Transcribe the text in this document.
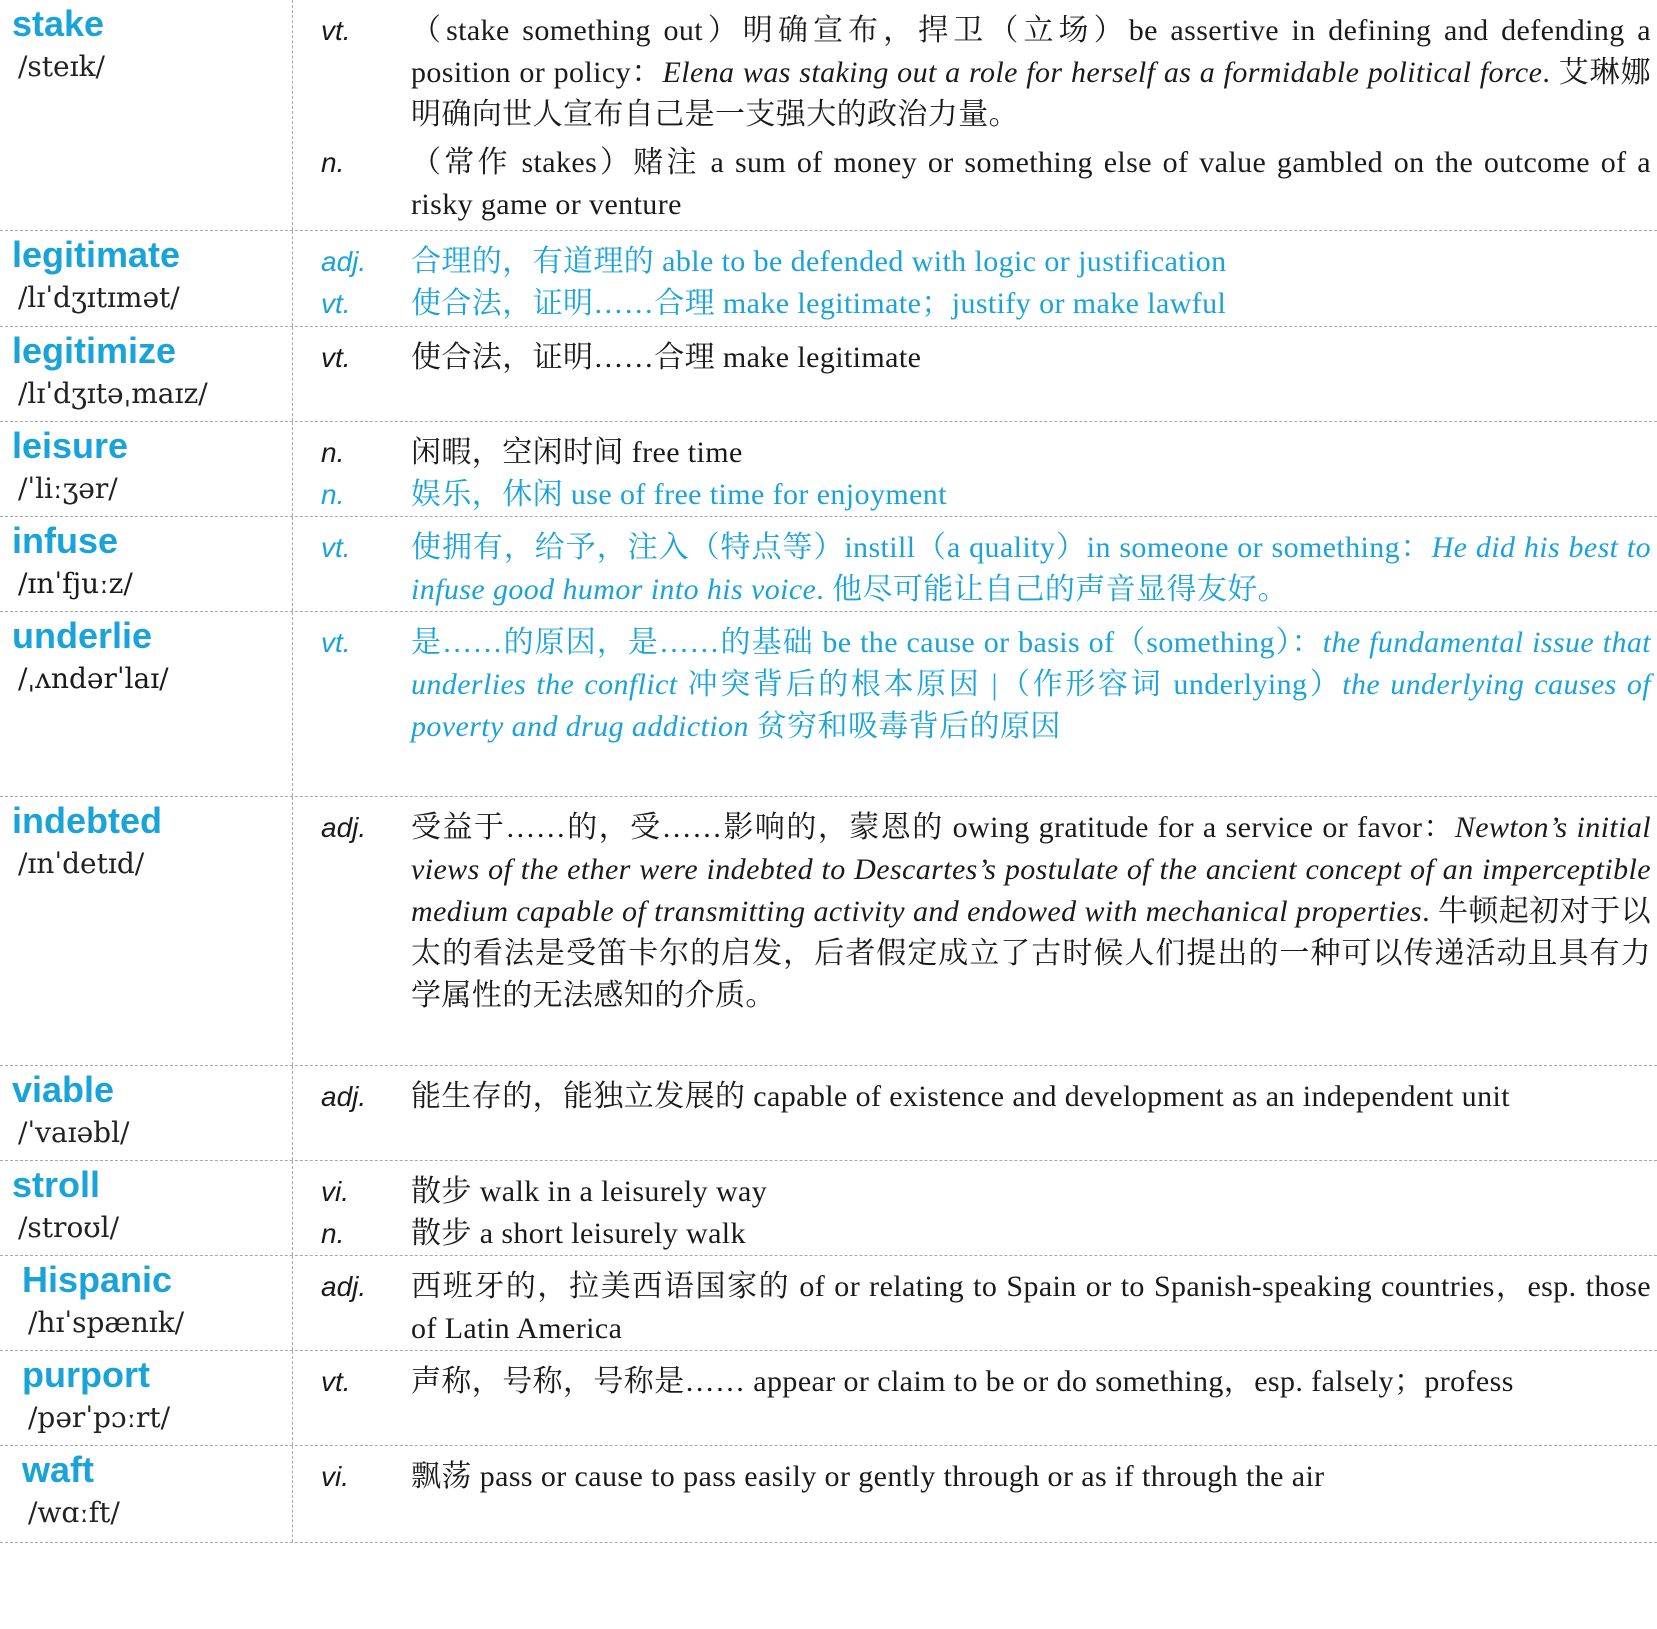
stake
/steɪk/
vt.	（stake something out）明确宣布，捍卫（立场）be assertive in defining and defending a position or policy：Elena was staking out a role for herself as a formidable political force. 艾琳娜明确向世人宣布自己是一支强大的政治力量。
n.	（常作 stakes）赌注 a sum of money or something else of value gambled on the outcome of a risky game or venture
legitimate
/lɪˈdʒɪtɪmət/
adj.	合理的，有道理的 able to be defended with logic or justification
vt.	使合法，证明……合理 make legitimate；justify or make lawful
legitimize
/lɪˈdʒɪtəˌmaɪz/
vt.	使合法，证明……合理 make legitimate
leisure
/ˈliːʒər/
n.	闲暇，空闲时间 free time
n.	娱乐，休闲 use of free time for enjoyment
infuse
/ɪnˈfjuːz/
vt.	使拥有，给予，注入（特点等）instill（a quality）in someone or something：He did his best to infuse good humor into his voice. 他尽可能让自己的声音显得友好。
underlie
/ˌʌndərˈlaɪ/
vt.	是……的原因，是……的基础 be the cause or basis of（something）：the fundamental issue that underlies the conflict 冲突背后的根本原因 |（作形容词 underlying）the underlying causes of poverty and drug addiction 贫穷和吸毒背后的原因
indebted
/ɪnˈdetɪd/
adj.	受益于……的，受……影响的，蒙恩的 owing gratitude for a service or favor：Newton’s initial views of the ether were indebted to Descartes’s postulate of the ancient concept of an imperceptible medium capable of transmitting activity and endowed with mechanical properties. 牛顿起初对于以太的看法是受笛卡尔的启发，后者假定成立了古时候人们提出的一种可以传递活动且具有力学属性的无法感知的介质。
viable
/ˈvaɪəbl/
adj.	能生存的，能独立发展的 capable of existence and development as an independent unit
stroll
/stroʊl/
vi.	散步 walk in a leisurely way
n.	散步 a short leisurely walk
Hispanic
/hɪˈspænɪk/
adj.	西班牙的，拉美西语国家的 of or relating to Spain or to Spanish-speaking countries，esp. those of Latin America
purport
/pərˈpɔːrt/
vt.	声称，号称，号称是…… appear or claim to be or do something，esp. falsely；profess
waft
/wɑːft/
vi.	飘荡 pass or cause to pass easily or gently through or as if through the air
